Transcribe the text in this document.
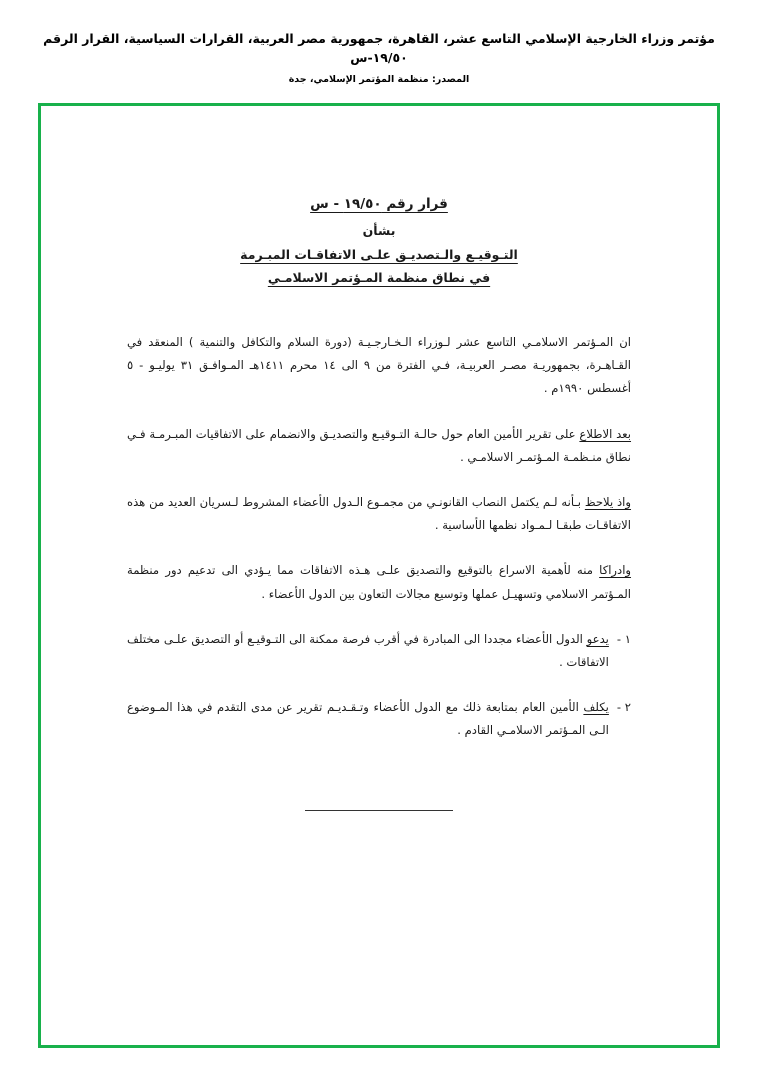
مؤتمر وزراء الخارجية الإسلامي التاسع عشر، القاهرة، جمهورية مصر العربية، القرارات السياسية، القرار الرقم ١٩/٥٠-س
المصدر: منظمة المؤتمر الإسلامي، جدة
قرار رقم ١٩/٥٠ - س
بشأن
التـوقيـع والـتصديـق علـى الاتفاقـات المبـرمة
في نطاق منظمة المـؤتمر الاسلامـي
ان المـؤتمر الاسلامـي التاسع عشر لـوزراء الـخـارجـيـة (دورة السلام والتكافل والتنمية ) المنعقد في القـاهـرة، بجمهوريـة مصـر العربيـة، فـي الفترة من ٩ الى ١٤ محرم ١٤١١هـ المـوافـق ٣١ يوليـو - ٥ أغسطس ١٩٩٠م .
بعد الاطلاع على تقرير الأمين العام حول حالـة التـوقيـع والتصديـق والانضمام على الاتفاقيات المبـرمـة فـي نطاق منـظمـة المـؤتمـر الاسلامـي .
واذ يلاحظ بـأنه لـم يكتمل النصاب القانونـي من مجمـوع الـدول الأعضاء المشروط لـسريان العديد من هذه الاتفاقـات طبقـا لـمـواد نظمها الأساسية .
وادراكا منه لأهمية الاسراع بالتوقيع والتصديق علـى هـذه الاتفاقات مما يـؤدي الى تدعيم دور منظمة المـؤتمر الاسلامي وتسهيـل عملها وتوسيع مجالات التعاون بين الدول الأعضاء .
١ -
يدعو الدول الأعضاء مجددا الى المبادرة في أقرب فرصة ممكنة الى التـوقيـع أو التصديق علـى مختلف الاتفاقات .
٢ -
يكلف الأمين العام بمتابعة ذلك مع الدول الأعضاء وتـقـديـم تقرير عن مدى التقدم في هذا المـوضوع الـى المـؤتمر الاسلامـي القادم .
